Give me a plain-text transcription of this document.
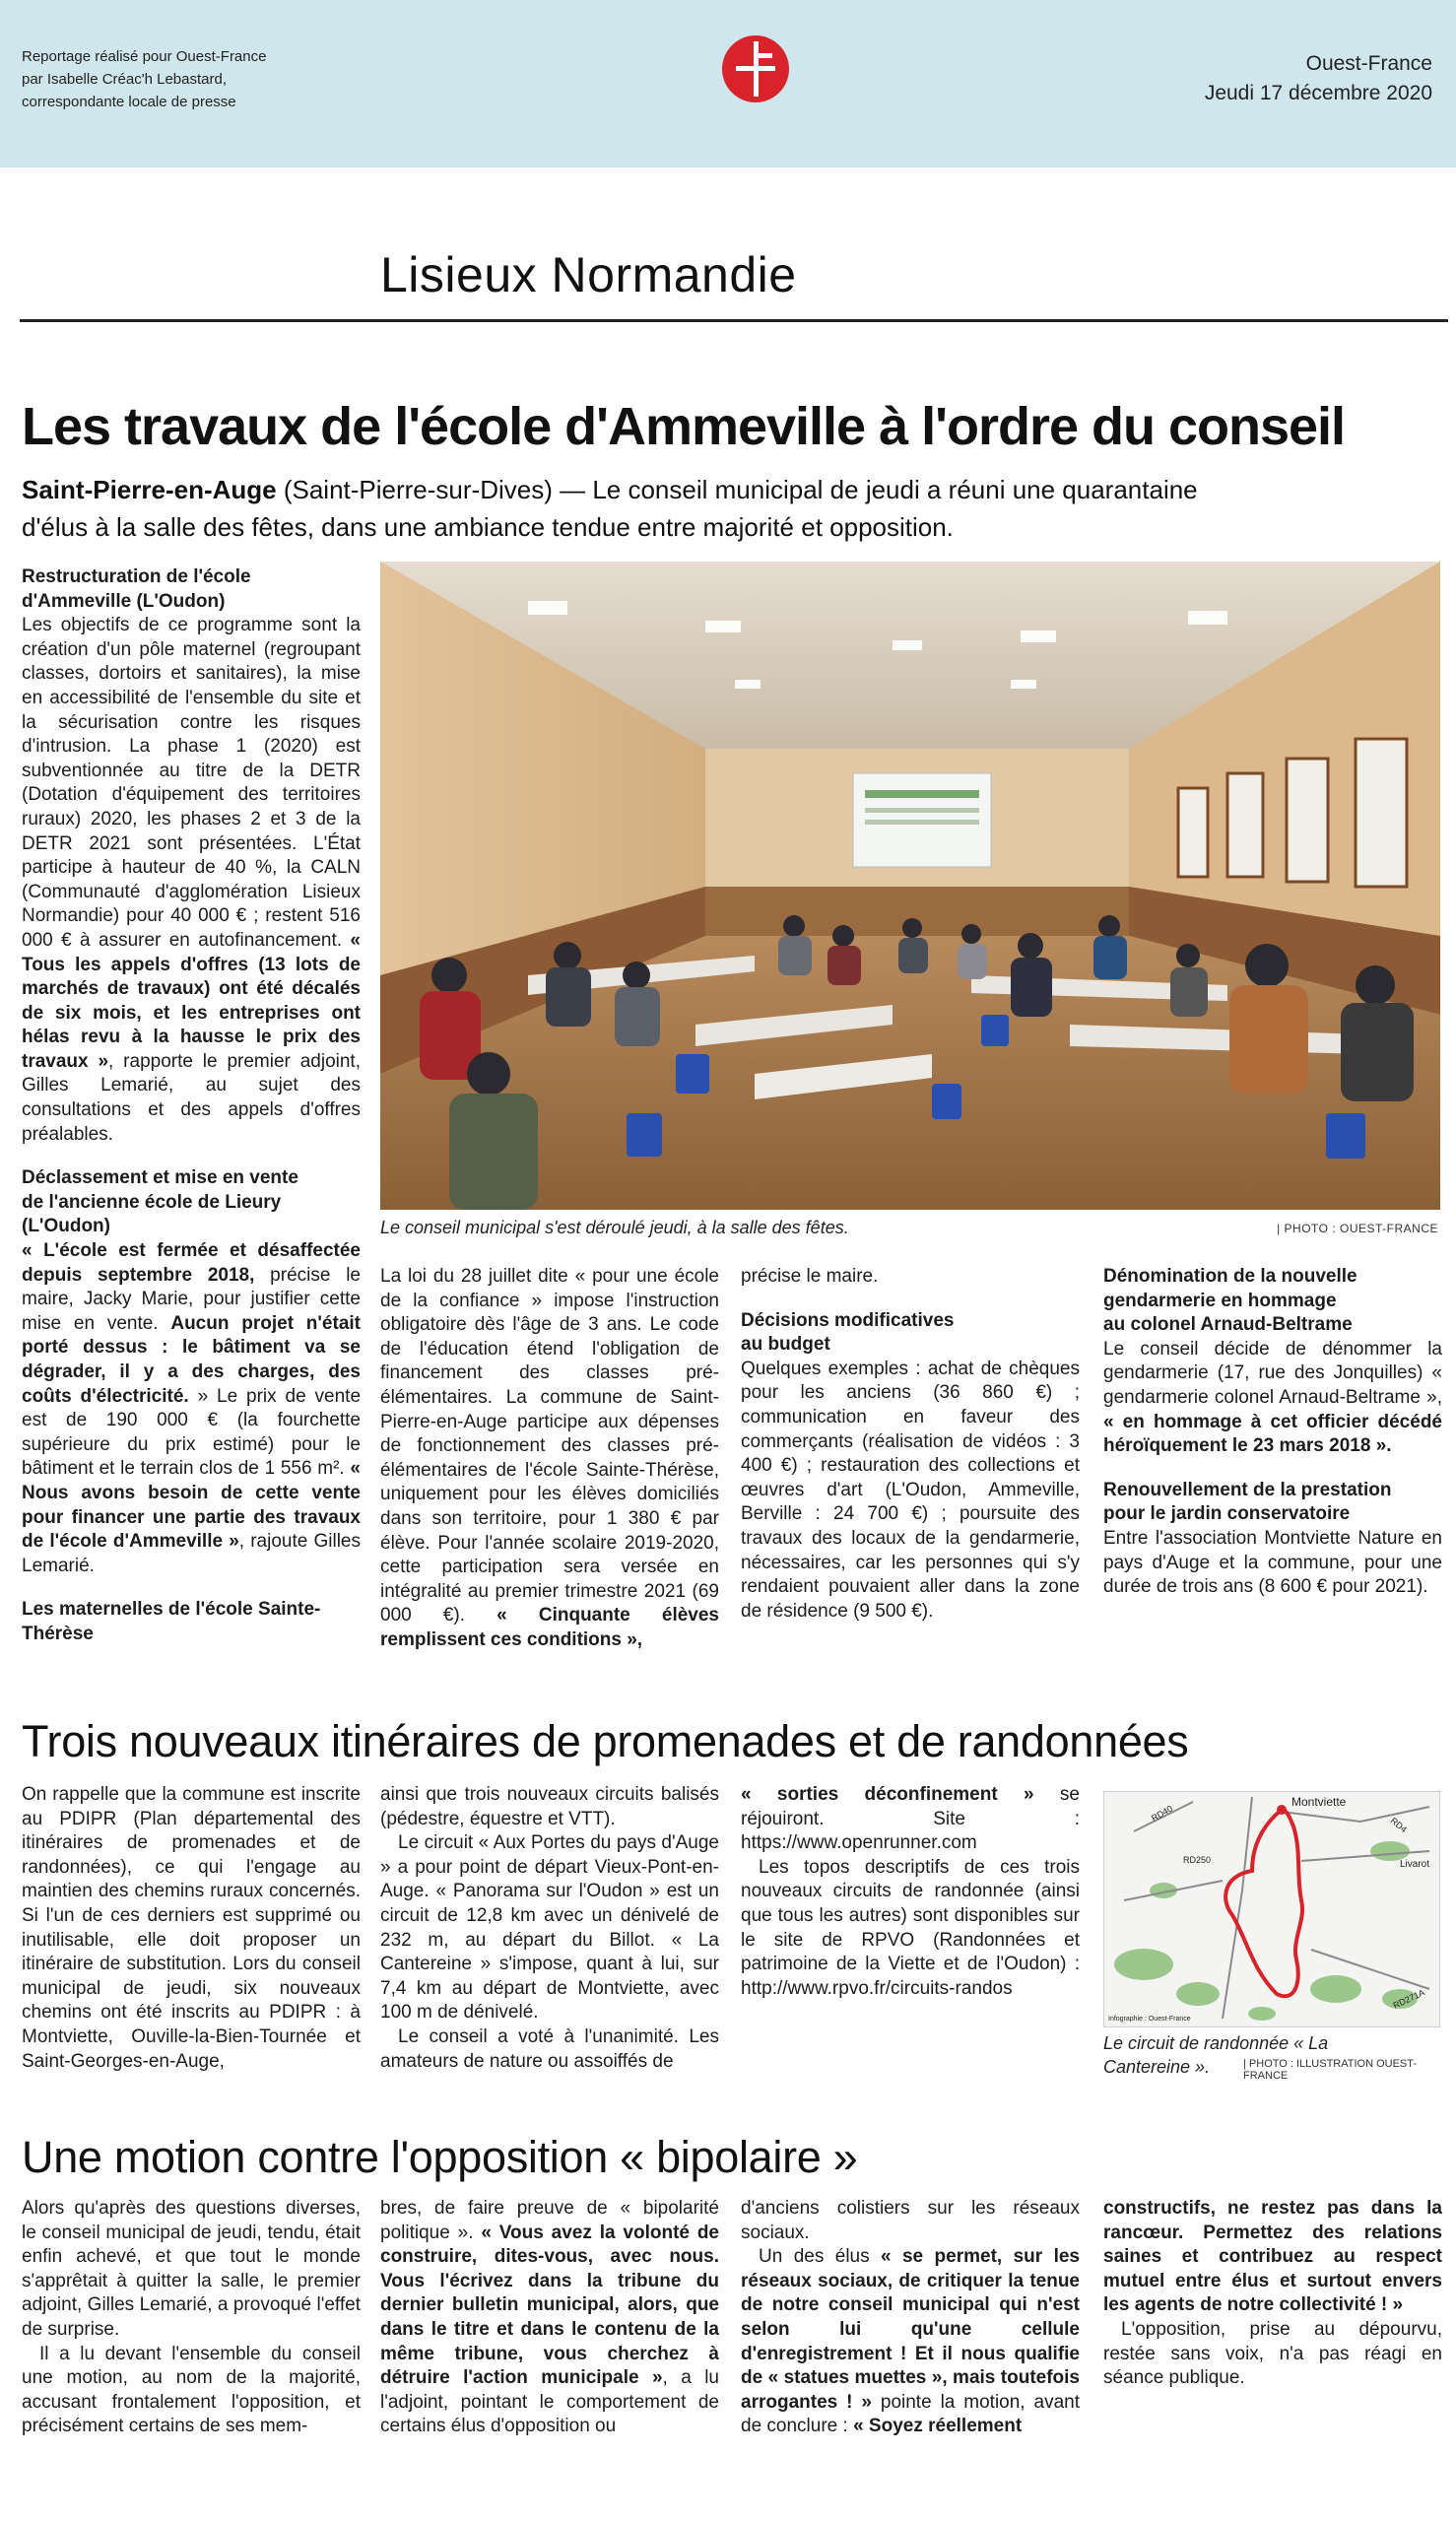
Reportage réalisé pour Ouest-France
par Isabelle Créac'h Lebastard,
correspondante locale de presse
Ouest-France
Jeudi 17 décembre 2020
Lisieux Normandie
Les travaux de l'école d'Ammeville à l'ordre du conseil
Saint-Pierre-en-Auge (Saint-Pierre-sur-Dives) — Le conseil municipal de jeudi a réuni une quarantaine
d'élus à la salle des fêtes, dans une ambiance tendue entre majorité et opposition.

Restructuration de l'école
d'Ammeville (L'Oudon)

Les objectifs de ce programme sont la création d'un pôle maternel (regroupant classes, dortoirs et sanitaires), la mise en accessibilité de l'ensemble du site et la sécurisation contre les risques d'intrusion. La phase 1 (2020) est subventionnée au titre de la DETR (Dotation d'équipement des territoires ruraux) 2020, les phases 2 et 3 de la DETR 2021 sont présentées. L'État participe à hauteur de 40 %, la CALN (Communauté d'agglomération Lisieux Normandie) pour 40 000 € ; restent 516 000 € à assurer en autofinancement. « Tous les appels d'offres (13 lots de marchés de travaux) ont été décalés de six mois, et les entreprises ont hélas revu à la hausse le prix des travaux », rapporte le premier adjoint, Gilles Lemarié, au sujet des consultations et des appels d'offres préalables.

Déclassement et mise en vente
de l'ancienne école de Lieury
(L'Oudon)

« L'école est fermée et désaffectée depuis septembre 2018, précise le maire, Jacky Marie, pour justifier cette mise en vente. Aucun projet n'était porté dessus : le bâtiment va se dégrader, il y a des charges, des coûts d'électricité. » Le prix de vente est de 190 000 € (la fourchette supérieure du prix estimé) pour le bâtiment et le terrain clos de 1 556 m². « Nous avons besoin de cette vente pour financer une partie des travaux de l'école d'Ammeville », rajoute Gilles Lemarié.

Les maternelles de l'école Sainte-
Thérèse

Le conseil municipal s'est déroulé jeudi, à la salle des fêtes.	| PHOTO : OUEST-FRANCE

La loi du 28 juillet dite « pour une école de la confiance » impose l'instruction obligatoire dès l'âge de 3 ans. Le code de l'éducation étend l'obligation de financement des classes pré-élémentaires. La commune de Saint-Pierre-en-Auge participe aux dépenses de fonctionnement des classes pré-élémentaires de l'école Sainte-Thérèse, uniquement pour les élèves domiciliés dans son territoire, pour 1 380 € par élève. Pour l'année scolaire 2019-2020, cette participation sera versée en intégralité au premier trimestre 2021 (69 000 €). « Cinquante élèves remplissent ces conditions »,

précise le maire.

Décisions modificatives
au budget

Quelques exemples : achat de chèques pour les anciens (36 860 €) ; communication en faveur des commerçants (réalisation de vidéos : 3 400 €) ; restauration des collections et œuvres d'art (L'Oudon, Ammeville, Berville : 24 700 €) ; poursuite des travaux des locaux de la gendarmerie, nécessaires, car les personnes qui s'y rendaient pouvaient aller dans la zone de résidence (9 500 €).

Dénomination de la nouvelle
gendarmerie en hommage
au colonel Arnaud-Beltrame

Le conseil décide de dénommer la gendarmerie (17, rue des Jonquilles) « gendarmerie colonel Arnaud-Beltrame », « en hommage à cet officier décédé héroïquement le 23 mars 2018 ».

Renouvellement de la prestation
pour le jardin conservatoire

Entre l'association Montviette Nature en pays d'Auge et la commune, pour une durée de trois ans (8 600 € pour 2021).

Trois nouveaux itinéraires de promenades et de randonnées

On rappelle que la commune est inscrite au PDIPR (Plan départemental des itinéraires de promenades et de randonnées), ce qui l'engage au maintien des chemins ruraux concernés. Si l'un de ces derniers est supprimé ou inutilisable, elle doit proposer un itinéraire de substitution. Lors du conseil municipal de jeudi, six nouveaux chemins ont été inscrits au PDIPR : à Montviette, Ouville-la-Bien-Tournée et Saint-Georges-en-Auge,

ainsi que trois nouveaux circuits balisés (pédestre, équestre et VTT).

Le circuit « Aux Portes du pays d'Auge » a pour point de départ Vieux-Pont-en-Auge. « Panorama sur l'Oudon » est un circuit de 12,8 km avec un dénivelé de 232 m, au départ du Billot. « La Cantereine » s'impose, quant à lui, sur 7,4 km au départ de Montviette, avec 100 m de dénivelé.

Le conseil a voté à l'unanimité. Les amateurs de nature ou assoiffés de

« sorties déconfinement » se réjouiront. Site : https://www.openrunner.com

Les topos descriptifs de ces trois nouveaux circuits de randonnée (ainsi que tous les autres) sont disponibles sur le site de RPVO (Randonnées et patrimoine de la Viette et de l'Oudon) : http://www.rpvo.fr/circuits-randos

Montviette
RD40
RD4
RD250	Livarot
RD271A
Infographie : Ouest-France
Le circuit de randonnée « La
Cantereine ».	| PHOTO : ILLUSTRATION OUEST-FRANCE
Une motion contre l'opposition « bipolaire »

Alors qu'après des questions diverses, le conseil municipal de jeudi, tendu, était enfin achevé, et que tout le monde s'apprêtait à quitter la salle, le premier adjoint, Gilles Lemarié, a provoqué l'effet de surprise.

Il a lu devant l'ensemble du conseil une motion, au nom de la majorité, accusant frontalement l'opposition, et précisément certains de ses mem-

bres, de faire preuve de « bipolarité politique ». « Vous avez la volonté de construire, dites-vous, avec nous. Vous l'écrivez dans la tribune du dernier bulletin municipal, alors, que dans le titre et dans le contenu de la même tribune, vous cherchez à détruire l'action municipale », a lu l'adjoint, pointant le comportement de certains élus d'opposition ou

d'anciens colistiers sur les réseaux sociaux.

Un des élus « se permet, sur les réseaux sociaux, de critiquer la tenue de notre conseil municipal qui n'est selon lui qu'une cellule d'enregistrement ! Et il nous qualifie de « statues muettes », mais toutefois arrogantes ! » pointe la motion, avant de conclure : « Soyez réellement

constructifs, ne restez pas dans la rancœur. Permettez des relations saines et contribuez au respect mutuel entre élus et surtout envers les agents de notre collectivité ! »

L'opposition, prise au dépourvu, restée sans voix, n'a pas réagi en séance publique.
